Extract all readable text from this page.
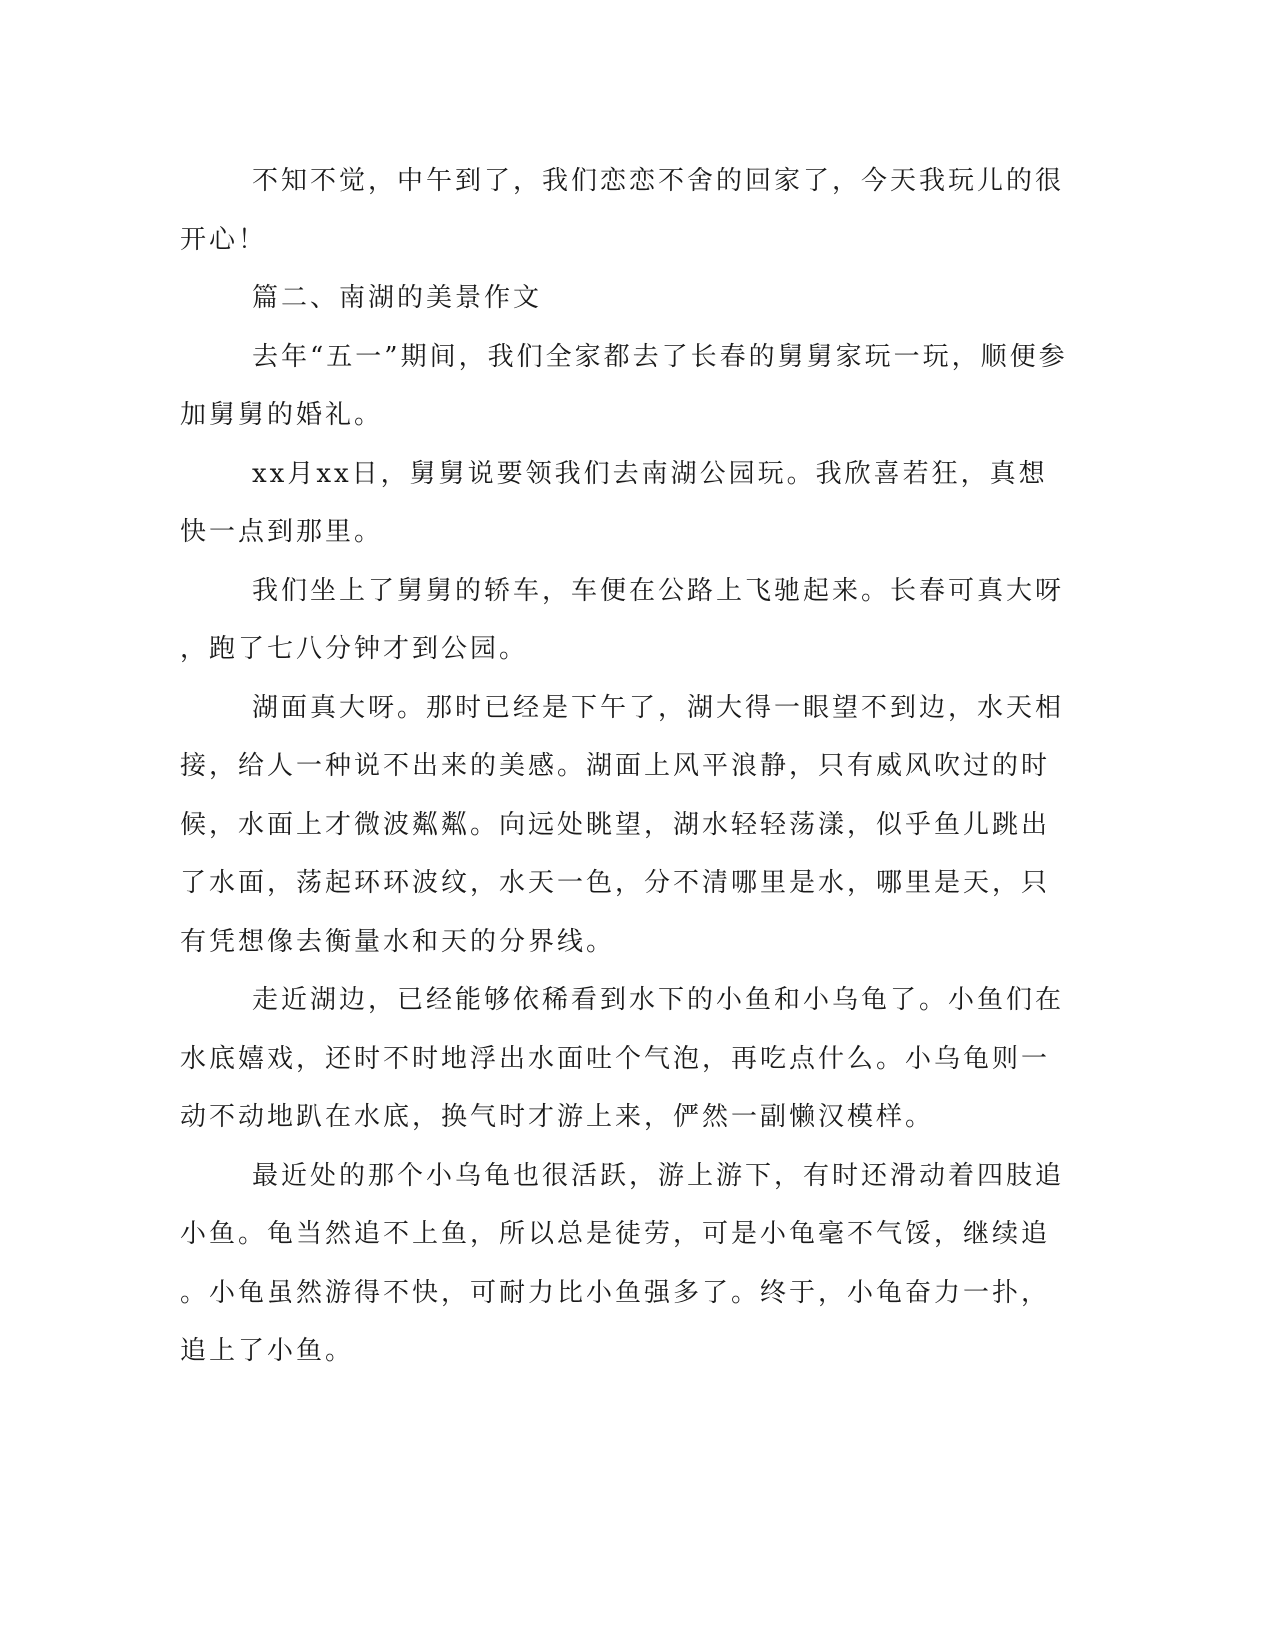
不知不觉，中午到了，我们恋恋不舍的回家了，今天我玩儿的很
开心！
篇二、南湖的美景作文
去年“五一”期间，我们全家都去了长春的舅舅家玩一玩，顺便参
加舅舅的婚礼。
xx月xx日，舅舅说要领我们去南湖公园玩。我欣喜若狂，真想
快一点到那里。
我们坐上了舅舅的轿车，车便在公路上飞驰起来。长春可真大呀
，跑了七八分钟才到公园。
湖面真大呀。那时已经是下午了，湖大得一眼望不到边，水天相
接，给人一种说不出来的美感。湖面上风平浪静，只有威风吹过的时
候，水面上才微波粼粼。向远处眺望，湖水轻轻荡漾，似乎鱼儿跳出
了水面，荡起环环波纹，水天一色，分不清哪里是水，哪里是天，只
有凭想像去衡量水和天的分界线。
走近湖边，已经能够依稀看到水下的小鱼和小乌龟了。小鱼们在
水底嬉戏，还时不时地浮出水面吐个气泡，再吃点什么。小乌龟则一
动不动地趴在水底，换气时才游上来，俨然一副懒汉模样。
最近处的那个小乌龟也很活跃，游上游下，有时还滑动着四肢追
小鱼。龟当然追不上鱼，所以总是徒劳，可是小龟毫不气馁，继续追
。小龟虽然游得不快，可耐力比小鱼强多了。终于，小龟奋力一扑，
追上了小鱼。
